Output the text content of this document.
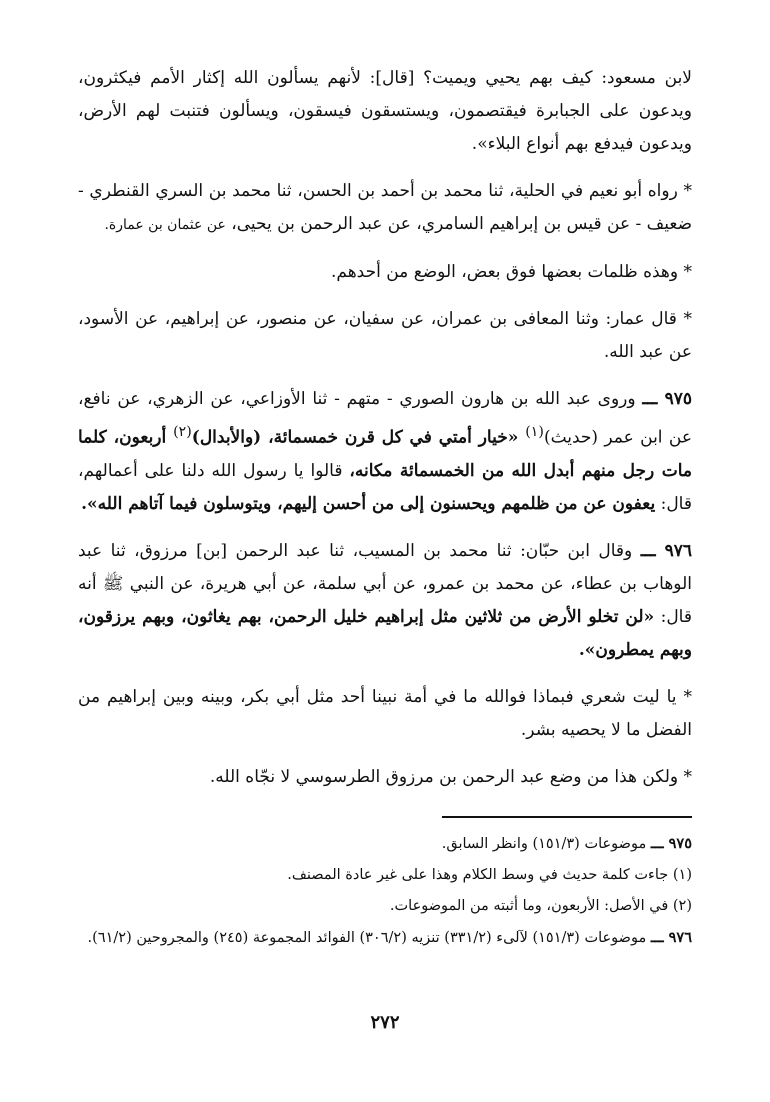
لابن مسعود: كيف بهم يحيي ويميت؟ [قال]: لأنهم يسألون الله إكثار الأمم فيكثرون، ويدعون على الجبابرة فيقتصمون، ويستسقون فيسقون، ويسألون فتنبت لهم الأرض، ويدعون فيدفع بهم أنواع البلاء».

* رواه أبو نعيم في الحلية، ثنا محمد بن أحمد بن الحسن، ثنا محمد بن السري القنطري - ضعيف - عن قيس بن إبراهيم السامري، عن عبد الرحمن بن يحيى، عن عثمان بن عمارة.

* وهذه ظلمات بعضها فوق بعض، الوضع من أحدهم.

* قال عمار: وثنا المعافى بن عمران، عن سفيان، عن منصور، عن إبراهيم، عن الأسود، عن عبد الله.

٩٧٥ ـــ وروى عبد الله بن هارون الصوري - متهم - ثنا الأوزاعي، عن الزهري، عن نافع، عن ابن عمر (حديث)$^{(١)}$ «خيار أمتي في كل قرن خمسمائة، (والأبدال)$^{(٢)}$ أربعون، كلما مات رجل منهم أبدل الله من الخمسمائة مكانه، قالوا يا رسول الله دلنا على أعمالهم، قال: يعفون عن من ظلمهم ويحسنون إلى من أحسن إليهم، ويتوسلون فيما آتاهم الله».

٩٧٦ ـــ وقال ابن حبّان: ثنا محمد بن المسيب، ثنا عبد الرحمن [بن] مرزوق، ثنا عبد الوهاب بن عطاء، عن محمد بن عمرو، عن أبي سلمة، عن أبي هريرة، عن النبي ﷺ أنه قال: «لن تخلو الأرض من ثلاثين مثل إبراهيم خليل الرحمن، بهم يغاثون، وبهم يرزقون، وبهم يمطرون».

* يا ليت شعري فبماذا فوالله ما في أمة نبينا أحد مثل أبي بكر، وبينه وبين إبراهيم من الفضل ما لا يحصيه بشر.

* ولكن هذا من وضع عبد الرحمن بن مرزوق الطرسوسي لا نجّاه الله.

٩٧٥ ـــ موضوعات (١٥١/٣) وانظر السابق.

(١) جاءت كلمة حديث في وسط الكلام وهذا على غير عادة المصنف.

(٢) في الأصل: الأربعون، وما أثبته من الموضوعات.

٩٧٦ ـــ موضوعات (١٥١/٣) لآلىء (٣٣١/٢) تنزيه (٣٠٦/٢) الفوائد المجموعة (٢٤٥) والمجروحين (٦١/٢).

٢٧٢
